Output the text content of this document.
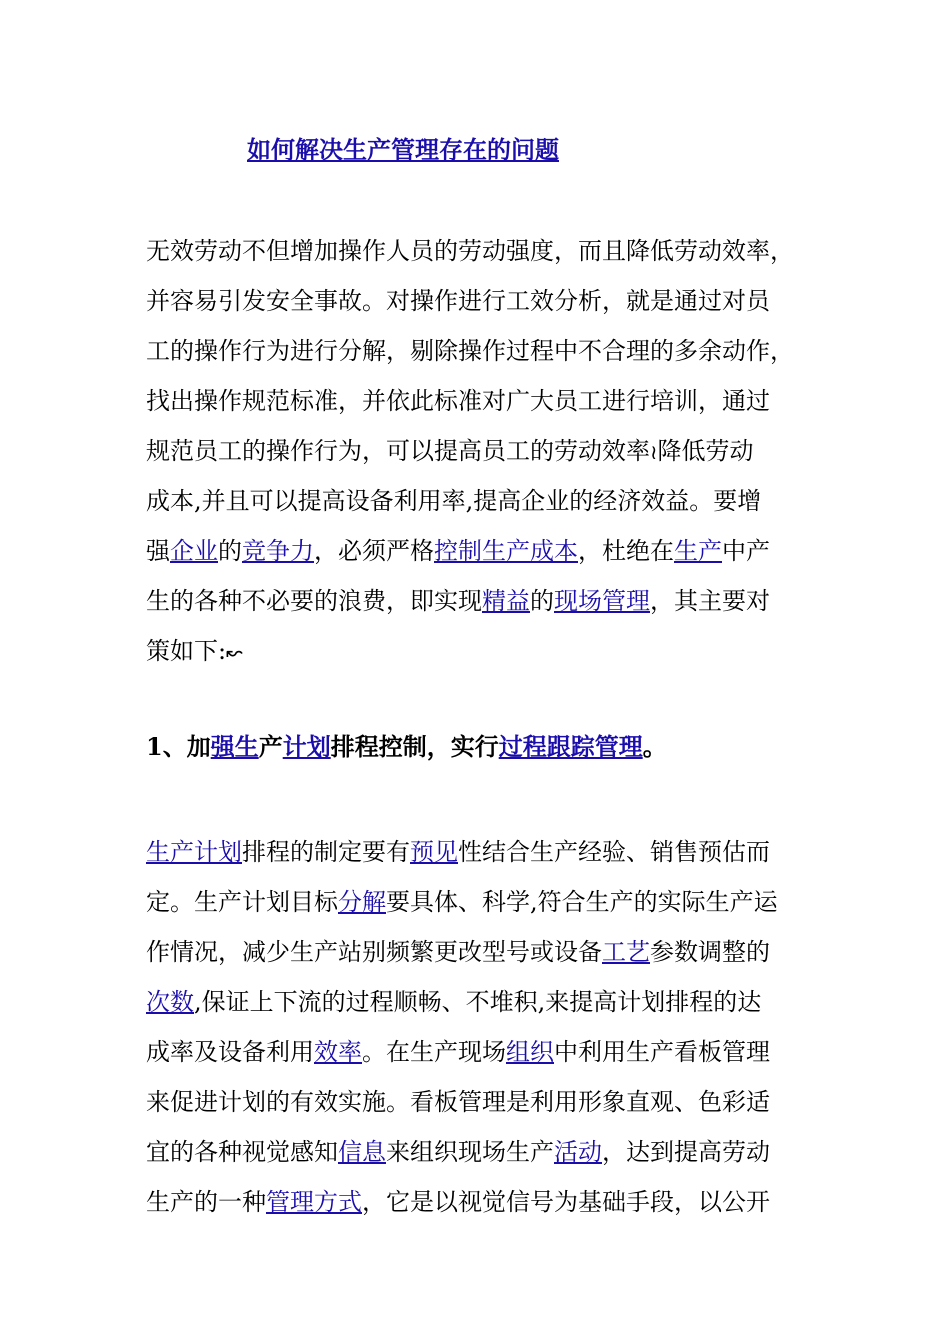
如何解决生产管理存在的问题
无效劳动不但增加操作人员的劳动强度，而且降低劳动效率，
并容易引发安全事故。对操作进行工效分析，就是通过对员
工的操作行为进行分解，剔除操作过程中不合理的多余动作，
找出操作规范标准，并依此标准对广大员工进行培训，通过
规范员工的操作行为，可以提高员工的劳动效率≀降低劳动
成本,并且可以提高设备利用率,提高企业的经济效益。要增
强企业的竞争力，必须严格控制生产成本，杜绝在生产中产
生的各种不必要的浪费，即实现精益的现场管理，其主要对
策如下:↜
1、加强生产计划排程控制，实行过程跟踪管理。
生产计划排程的制定要有预见性结合生产经验、销售预估而
定。生产计划目标分解要具体、科学,符合生产的实际生产运
作情况，减少生产站别频繁更改型号或设备工艺参数调整的
次数,保证上下流的过程顺畅、不堆积,来提高计划排程的达
成率及设备利用效率。在生产现场组织中利用生产看板管理
来促进计划的有效实施。看板管理是利用形象直观、色彩适
宜的各种视觉感知信息来组织现场生产活动，达到提高劳动
生产的一种管理方式，它是以视觉信号为基础手段，以公开
